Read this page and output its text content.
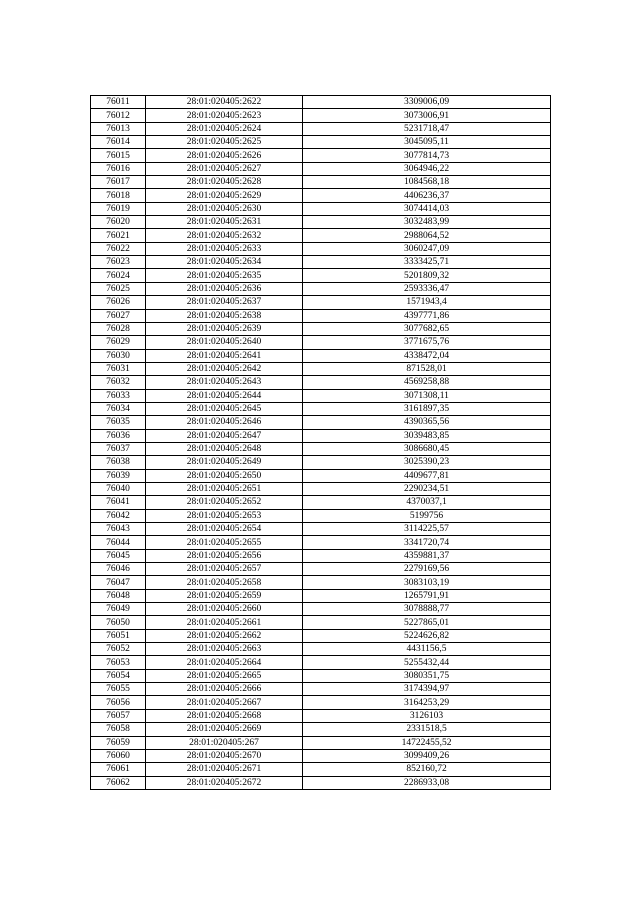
76011	28:01:020405:2622	3309006,09
76012	28:01:020405:2623	3073006,91
76013	28:01:020405:2624	5231718,47
76014	28:01:020405:2625	3045095,11
76015	28:01:020405:2626	3077814,73
76016	28:01:020405:2627	3064946,22
76017	28:01:020405:2628	1084568,18
76018	28:01:020405:2629	4406236,37
76019	28:01:020405:2630	3074414,03
76020	28:01:020405:2631	3032483,99
76021	28:01:020405:2632	2988064,52
76022	28:01:020405:2633	3060247,09
76023	28:01:020405:2634	3333425,71
76024	28:01:020405:2635	5201809,32
76025	28:01:020405:2636	2593336,47
76026	28:01:020405:2637	1571943,4
76027	28:01:020405:2638	4397771,86
76028	28:01:020405:2639	3077682,65
76029	28:01:020405:2640	3771675,76
76030	28:01:020405:2641	4338472,04
76031	28:01:020405:2642	871528,01
76032	28:01:020405:2643	4569258,88
76033	28:01:020405:2644	3071308,11
76034	28:01:020405:2645	3161897,35
76035	28:01:020405:2646	4390365,56
76036	28:01:020405:2647	3039483,85
76037	28:01:020405:2648	3086680,45
76038	28:01:020405:2649	3025390,23
76039	28:01:020405:2650	4409677,81
76040	28:01:020405:2651	2290234,51
76041	28:01:020405:2652	4370037,1
76042	28:01:020405:2653	5199756
76043	28:01:020405:2654	3114225,57
76044	28:01:020405:2655	3341720,74
76045	28:01:020405:2656	4359881,37
76046	28:01:020405:2657	2279169,56
76047	28:01:020405:2658	3083103,19
76048	28:01:020405:2659	1265791,91
76049	28:01:020405:2660	3078888,77
76050	28:01:020405:2661	5227865,01
76051	28:01:020405:2662	5224626,82
76052	28:01:020405:2663	4431156,5
76053	28:01:020405:2664	5255432,44
76054	28:01:020405:2665	3080351,75
76055	28:01:020405:2666	3174394,97
76056	28:01:020405:2667	3164253,29
76057	28:01:020405:2668	3126103
76058	28:01:020405:2669	2331518,5
76059	28:01:020405:267	14722455,52
76060	28:01:020405:2670	3099409,26
76061	28:01:020405:2671	852160,72
76062	28:01:020405:2672	2286933,08
